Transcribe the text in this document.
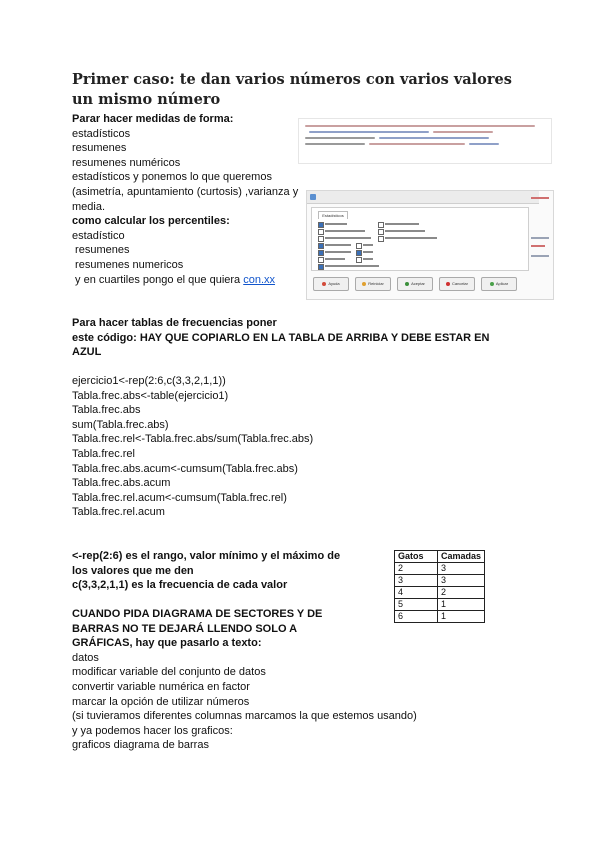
Primer caso: te dan varios números con varios valores un mismo número
Parar hacer medidas de forma:
estadísticos
resumenes
resumenes numéricos
estadísticos y ponemos lo que queremos
(asimetría, apuntamiento (curtosis) ,varianza y
media.
como calcular los percentiles:
estadístico
resumenes
resumenes numericos
y en cuartiles pongo el que quiera con.xx
Estadísticos
Ayuda	Reiniciar	Aceptar	Cancelar	Aplicar
Para hacer tablas de frecuencias poner
este código: HAY QUE COPIARLO EN LA TABLA DE ARRIBA Y DEBE ESTAR EN
AZUL
ejercicio1<-rep(2:6,c(3,3,2,1,1))
Tabla.frec.abs<-table(ejercicio1)
Tabla.frec.abs
sum(Tabla.frec.abs)
Tabla.frec.rel<-Tabla.frec.abs/sum(Tabla.frec.abs)
Tabla.frec.rel
Tabla.frec.abs.acum<-cumsum(Tabla.frec.abs)
Tabla.frec.abs.acum
Tabla.frec.rel.acum<-cumsum(Tabla.frec.rel)
Tabla.frec.rel.acum
<-rep(2:6) es el rango, valor mínimo y el máximo de
los valores que me den
c(3,3,2,1,1) es la frecuencia de cada valor
Gatos	Camadas
2	3
3	3
4	2
5	1
6	1
CUANDO PIDA DIAGRAMA DE SECTORES Y DE
BARRAS NO TE DEJARÁ LLENDO SOLO A
GRÁFICAS, hay que pasarlo a texto:
datos
modificar variable del conjunto de datos
convertir variable numérica en factor
marcar la opción de utilizar números
(si tuvieramos diferentes columnas marcamos la que estemos usando)
y ya podemos hacer los graficos:
graficos diagrama de barras
